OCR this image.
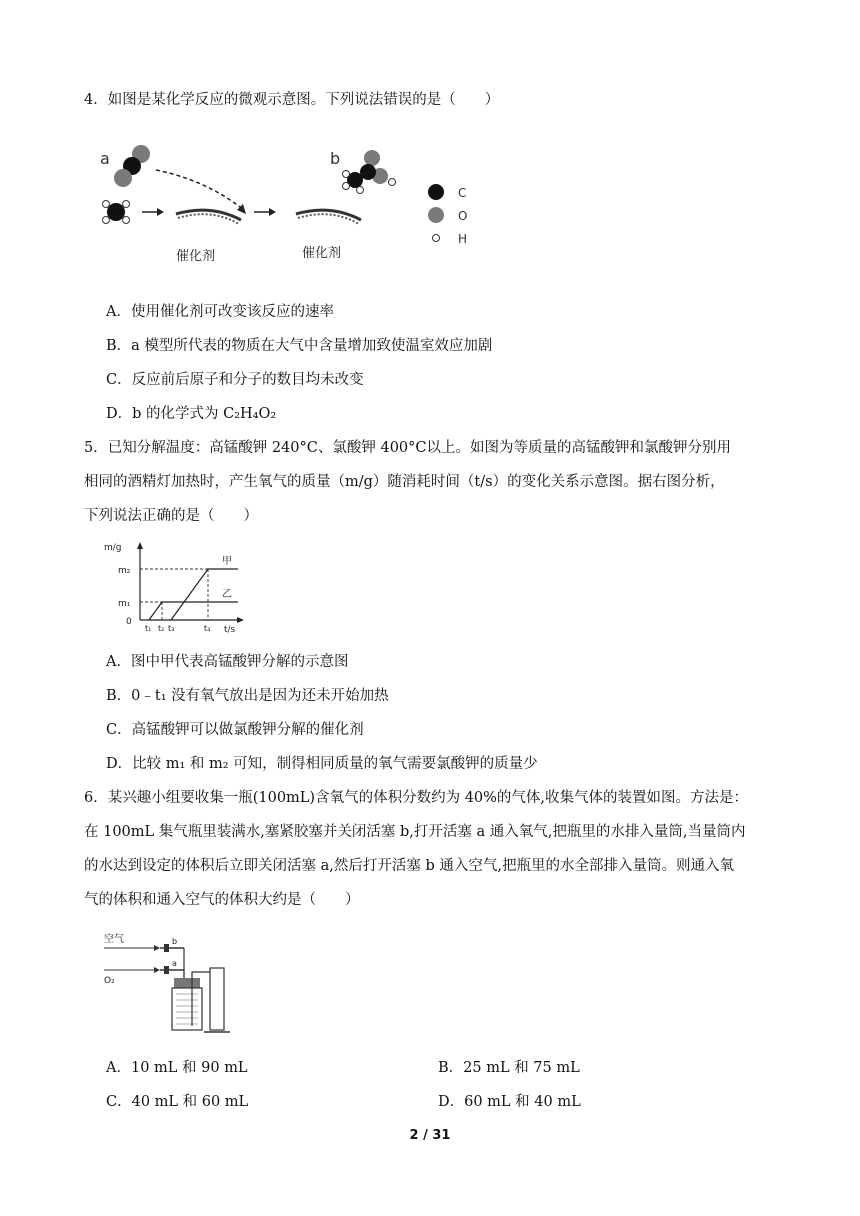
4．如图是某化学反应的微观示意图。下列说法错误的是（　　）
a
催化剂	催化剂
b
C
O
H
A．使用催化剂可改变该反应的速率
B．a 模型所代表的物质在大气中含量增加致使温室效应加剧
C．反应前后原子和分子的数目均未改变
D．b 的化学式为 C₂H₄O₂
5．已知分解温度：高锰酸钾 240°C、氯酸钾 400°C以上。如图为等质量的高锰酸钾和氯酸钾分别用
相同的酒精灯加热时，产生氧气的质量（m/g）随消耗时间（t/s）的变化关系示意图。据右图分析，
下列说法正确的是（　　）
m/g
t/s
0
m₂
m₁
t₁ t₂ t₃	t₄
甲
乙
A．图中甲代表高锰酸钾分解的示意图
B．0﹣t₁ 没有氧气放出是因为还未开始加热
C．高锰酸钾可以做氯酸钾分解的催化剂
D．比较 m₁ 和 m₂ 可知，制得相同质量的氧气需要氯酸钾的质量少
6．某兴趣小组要收集一瓶(100mL)含氧气的体积分数约为 40%的气体,收集气体的装置如图。方法是：
在 100mL 集气瓶里装满水,塞紧胶塞并关闭活塞 b,打开活塞 a 通入氧气,把瓶里的水排入量筒,当量筒内
的水达到设定的体积后立即关闭活塞 a,然后打开活塞 b 通入空气,把瓶里的水全部排入量筒。则通入氧
气的体积和通入空气的体积大约是（　　）
空气
O₂
b
a
A．10 mL 和 90 mL	B．25 mL 和 75 mL
C．40 mL 和 60 mL	D．60 mL 和 40 mL
2 / 31
